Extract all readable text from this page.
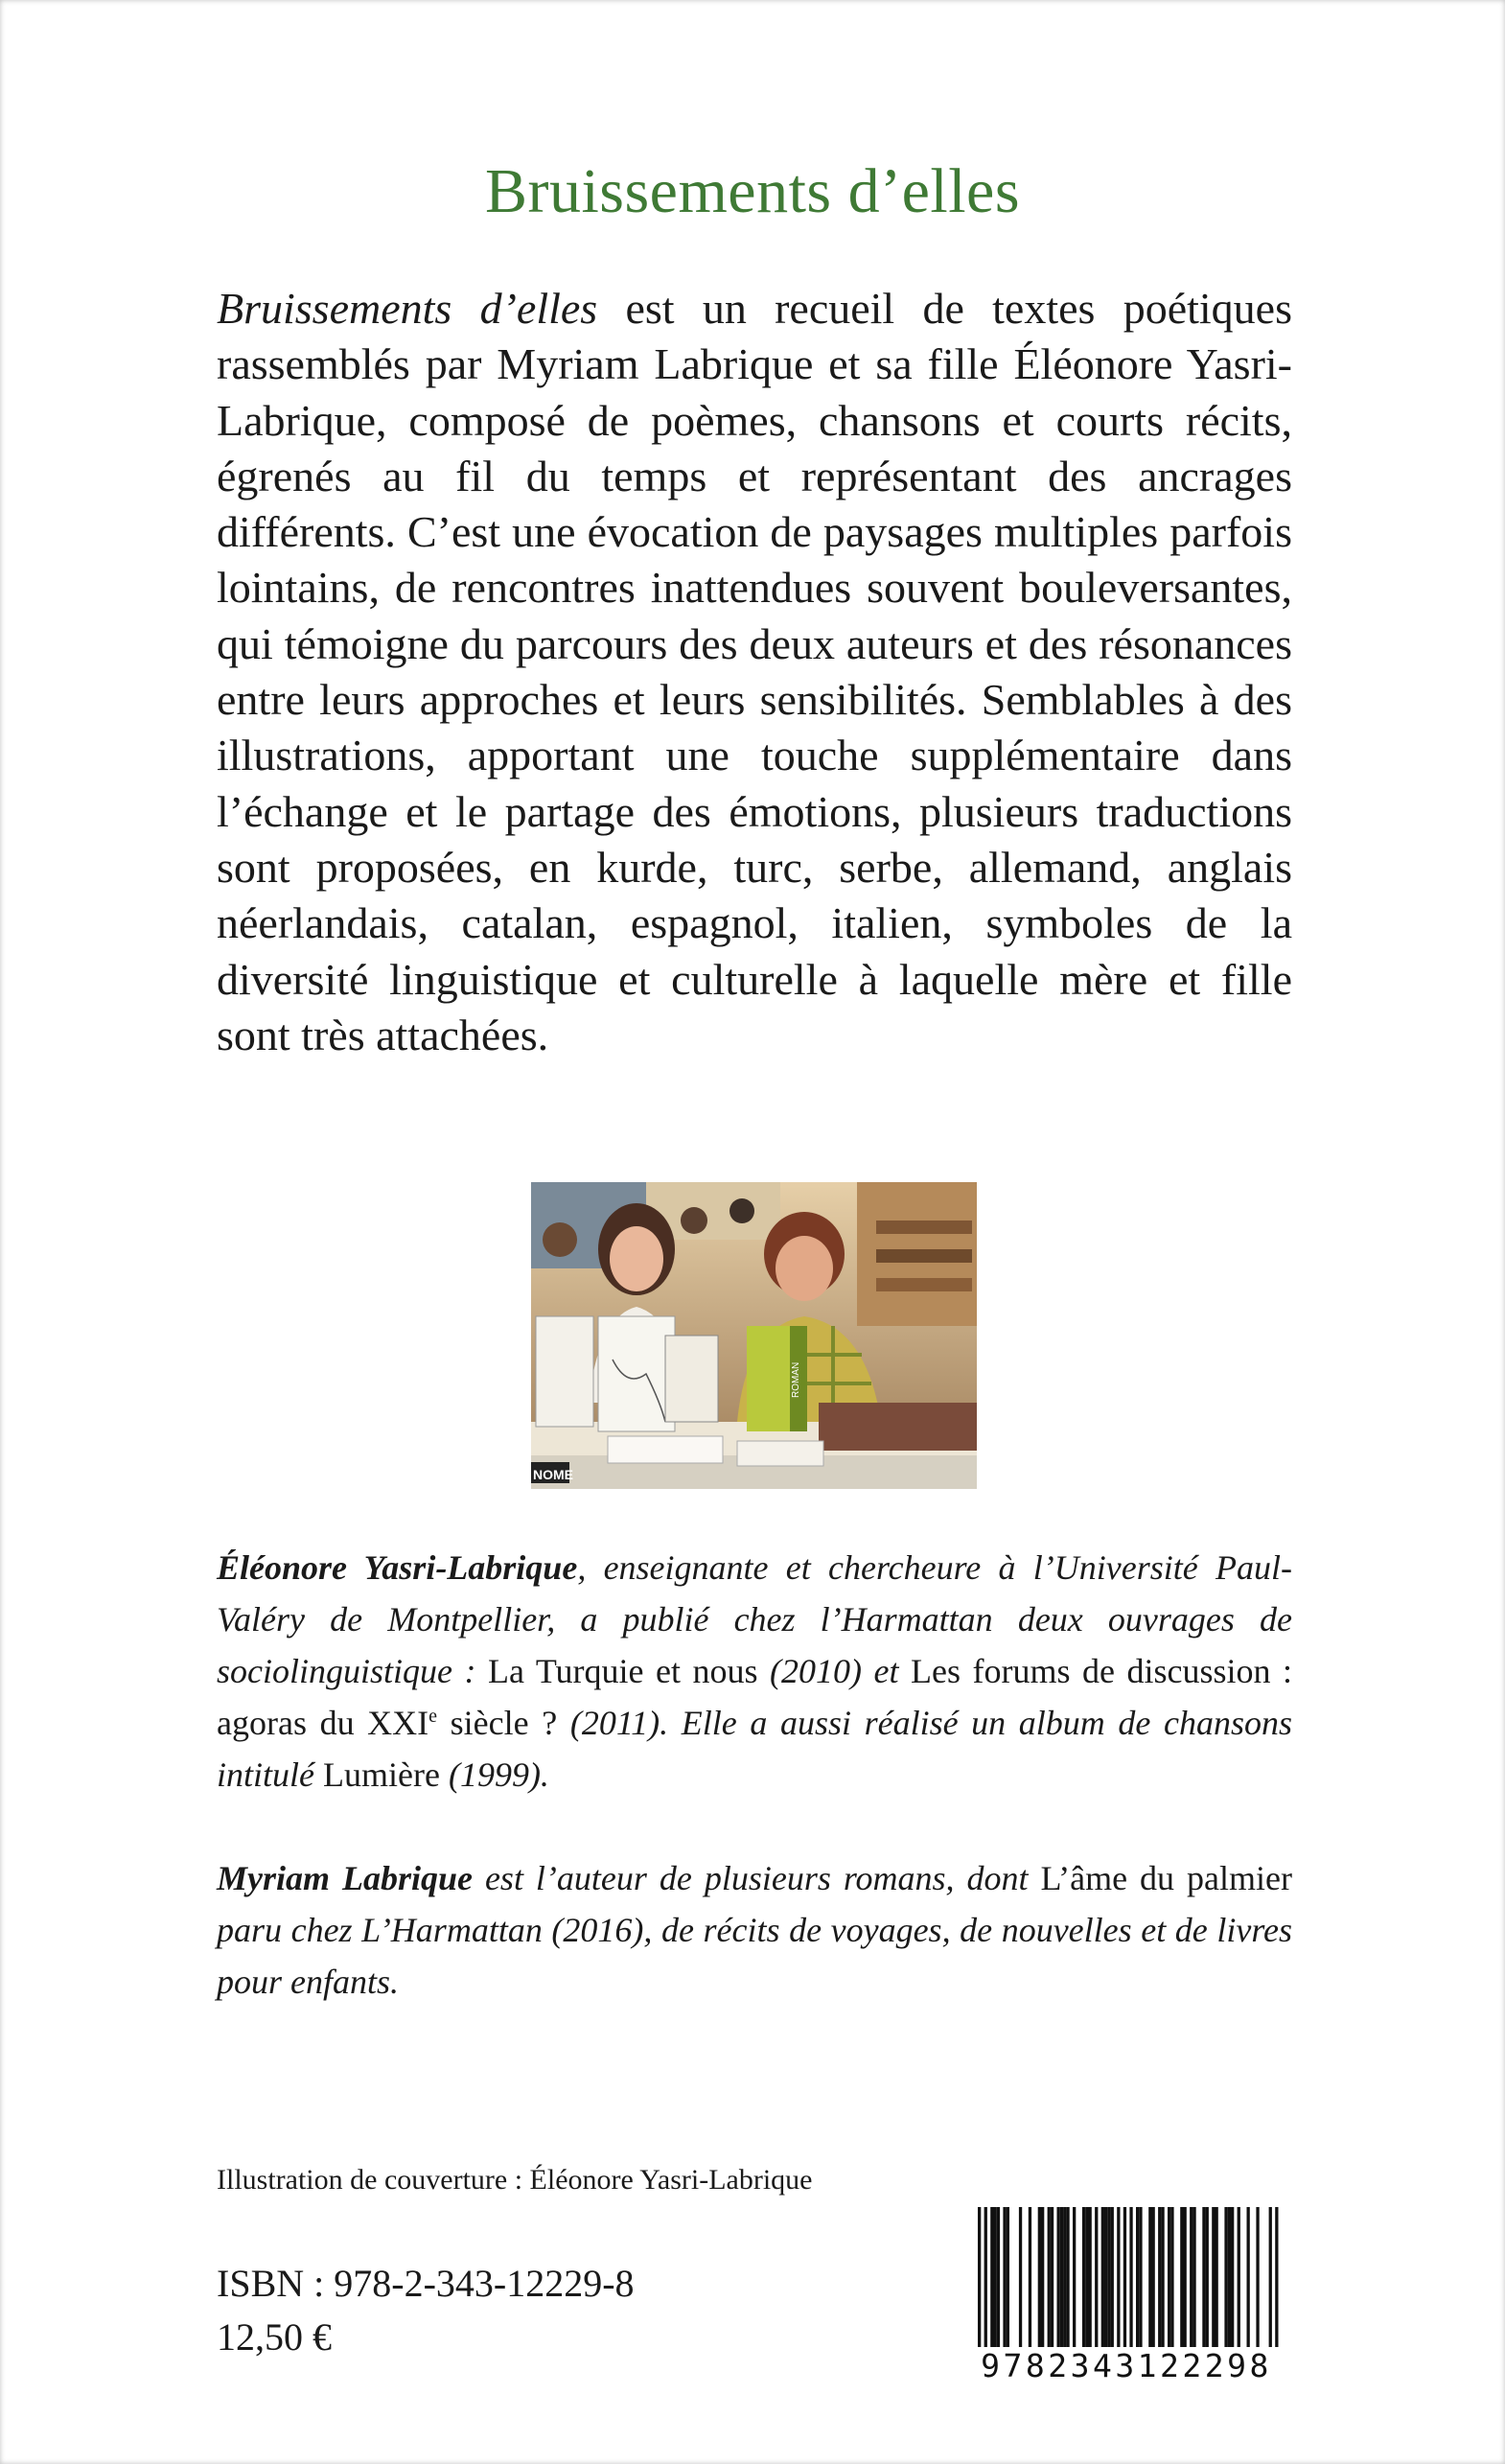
Bruissements d’elles
Bruissements d’elles est un recueil de textes poétiques rassemblés par Myriam Labrique et sa fille Éléonore Yasri-Labrique, composé de poèmes, chansons et courts récits, égrenés au fil du temps et représentant des ancrages différents. C’est une évocation de paysages multiples parfois lointains, de rencontres inattendues souvent bouleversantes, qui témoigne du parcours des deux auteurs et des résonances entre leurs approches et leurs sensibilités. Semblables à des illustrations, apportant une touche supplémentaire dans l’échange et le partage des émotions, plusieurs traductions sont proposées, en kurde, turc, serbe, allemand, anglais néerlandais, catalan, espagnol, italien, symboles de la diversité linguistique et culturelle à laquelle mère et fille sont très attachées.
ROMAN
NOME
Éléonore Yasri-Labrique, enseignante et chercheure à l’Université Paul-Valéry de Montpellier, a publié chez l’Harmattan deux ouvrages de sociolinguistique : La Turquie et nous (2010) et Les forums de discussion : agoras du XXIe siècle ? (2011). Elle a aussi réalisé un album de chansons intitulé Lumière (1999).
Myriam Labrique est l’auteur de plusieurs romans, dont L’âme du palmier paru chez L’Harmattan (2016), de récits de voyages, de nouvelles et de livres pour enfants.
Illustration de couverture : Éléonore Yasri-Labrique
ISBN : 978-2-343-12229-8
12,50 €
9782343122298
